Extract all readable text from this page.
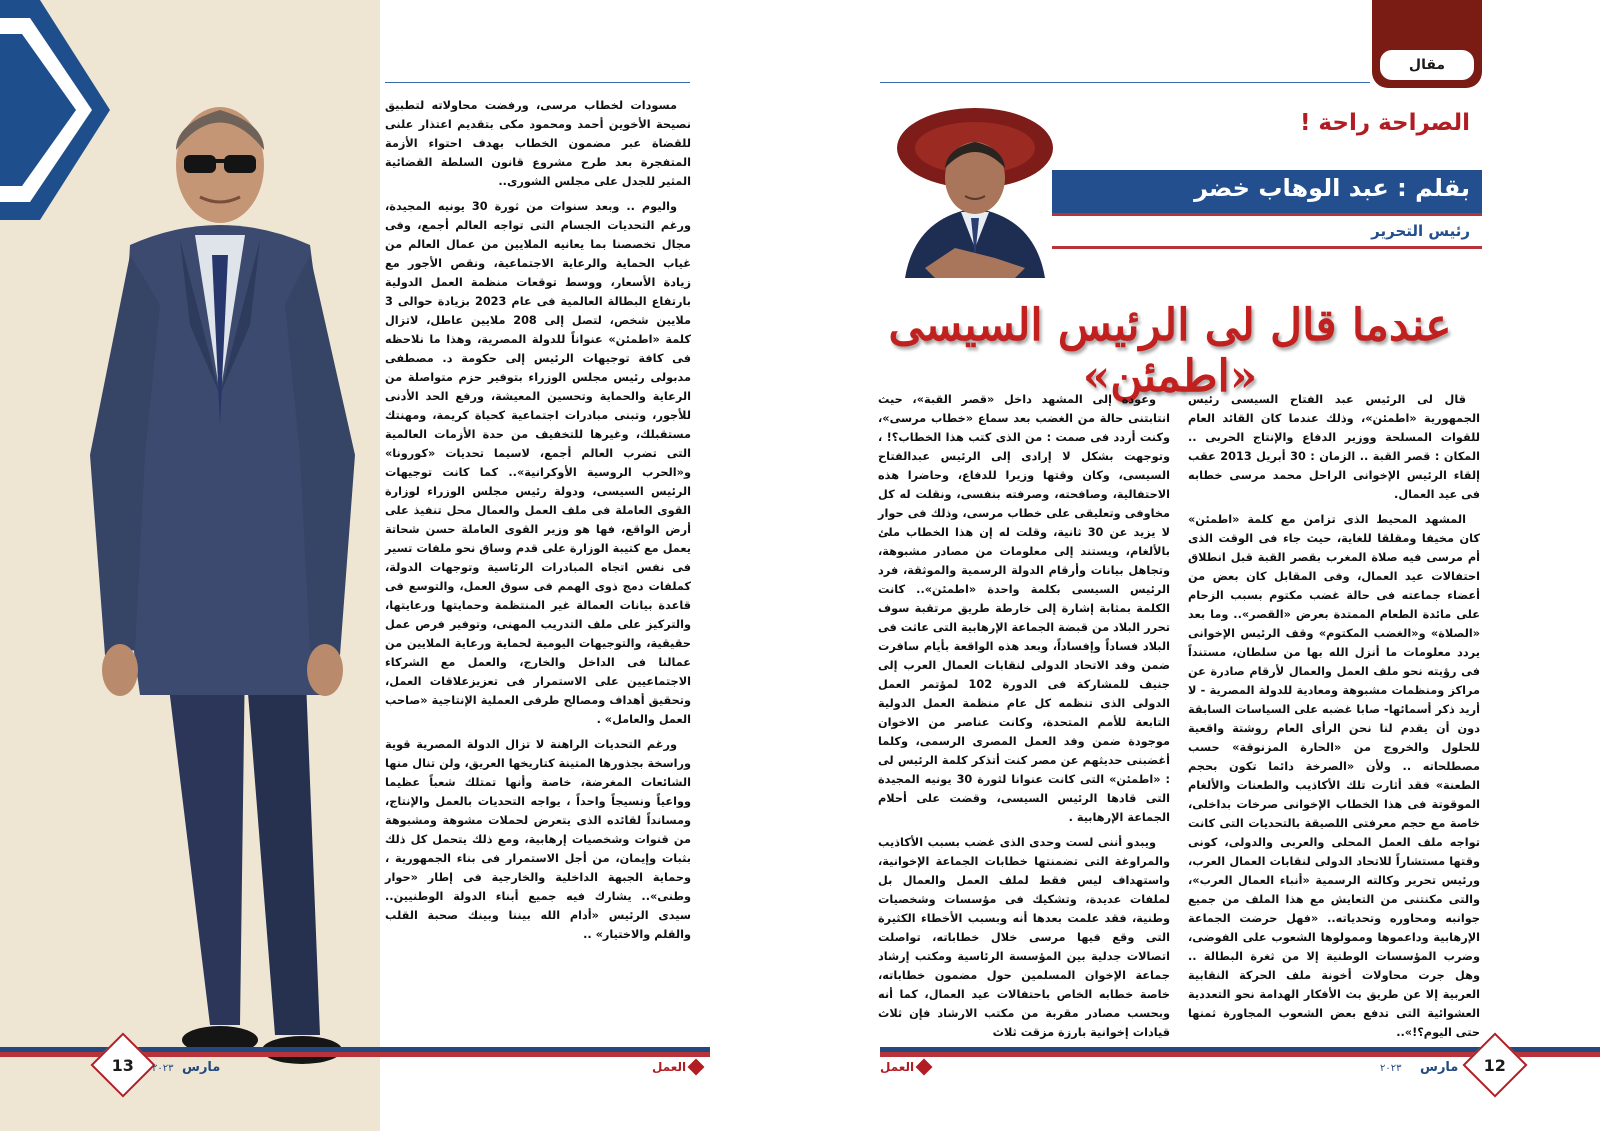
مسودات لخطاب مرسى، ورفضت محاولاته لتطبيق نصيحة الأخوين أحمد ومحمود مكى بتقديم اعتذار علنى للقضاة عبر مضمون الخطاب بهدف احتواء الأزمة المتفجرة بعد طرح مشروع قانون السلطة القضائية المثير للجدل على مجلس الشورى..

واليوم .. وبعد سنوات من ثورة 30 يونيه المجيدة، ورغم التحديات الجسام التى تواجه العالم أجمع، وفى مجال تخصصنا بما يعانيه الملايين من عمال العالم من غياب الحماية والرعاية الاجتماعية، ونقص الأجور مع زيادة الأسعار، ووسط توقعات منظمة العمل الدولية بارتفاع البطالة العالمية فى عام 2023 بزيادة حوالى 3 ملايين شخص، لتصل إلى 208 ملايين عاطل، لاتزال كلمة «اطمئن» عنواناً للدولة المصرية، وهذا ما نلاحظه فى كافة توجيهات الرئيس إلى حكومة د. مصطفى مدبولى رئيس مجلس الوزراء بتوفير حزم متواصلة من الرعاية والحماية وتحسين المعيشة، ورفع الحد الأدنى للأجور، وتبنى مبادرات اجتماعية كحياة كريمة، ومهنتك مستقبلك، وغيرها للتخفيف من حدة الأزمات العالمية التى تضرب العالم أجمع، لاسيما تحديات «كورونا» و«الحرب الروسية الأوكرانية».. كما كانت توجيهات الرئيس السيسى، ودولة رئيس مجلس الوزراء لوزارة القوى العاملة فى ملف العمل والعمال محل تنفيذ على أرض الواقع، فها هو وزير القوى العاملة حسن شحاتة يعمل مع كتيبة الوزارة على قدم وساق نحو ملفات تسير فى نفس اتجاه المبادرات الرئاسية وتوجهات الدولة، كملفات دمج ذوى الهمم فى سوق العمل، والتوسع فى قاعدة بيانات العمالة غير المنتظمة وحمايتها ورعايتها، والتركيز على ملف التدريب المهنى، وتوفير فرص عمل حقيقية، والتوجيهات اليومية لحماية ورعاية الملايين من عمالنا فى الداخل والخارج، والعمل مع الشركاء الاجتماعيين على الاستمرار فى تعزيزعلاقات العمل، وتحقيق أهداف ومصالح طرفى العملية الإنتاجية «صاحب العمل والعامل» .

ورغم التحديات الراهنة لا تزال الدولة المصرية قوية وراسخة بجذورها المتينة كتاريخها العريق، ولن تنال منها الشائعات المغرضة، خاصة وأنها تمتلك شعباً عظيما وواعياً ونسيجاً واحداً ، يواجه التحديات بالعمل والإنتاج، ومسانداً لقائده الذى يتعرض لحملات مشوهة ومشبوهة من قنوات وشخصيات إرهابية، ومع ذلك يتحمل كل ذلك بثبات وإيمان، من أجل الاستمرار فى بناء الجمهورية ، وحماية الجبهة الداخلية والخارجية فى إطار «حوار وطنى».. يشارك فيه جميع أبناء الدولة الوطنيين.. سيدى الرئيس «أدام الله بيننا وبينك صحبة القلب والقلم والاختيار» ..

13	مارس
٢٠٢٣	العمل
مقال
الصراحة راحة !
بقلم : عبد الوهاب خضر
رئيس التحرير
عندما قال لى الرئيس السيسى «اطمئن»

قال لى الرئيس عبد الفتاح السيسى رئيس الجمهورية «اطمئن»، وذلك عندما كان القائد العام للقوات المسلحة ووزير الدفاع والإنتاج الحربى .. المكان : قصر القبة .. الزمان : 30 أبريل 2013 عقب إلقاء الرئيس الإخوانى الراحل محمد مرسى خطابه فى عيد العمال.

المشهد المحيط الذى تزامن مع كلمة «اطمئن» كان مخيفا ومقلقا للغاية، حيث جاء فى الوقت الذى أم مرسى فيه صلاة المغرب بقصر القبة قبل انطلاق احتفالات عيد العمال، وفى المقابل كان بعض من أعضاء جماعته فى حالة غضب مكتوم بسبب الزحام على مائدة الطعام الممتدة بعرض «القصر».. وما بعد «الصلاة» و«الغضب المكتوم» وقف الرئيس الإخوانى يردد معلومات ما أنزل الله بها من سلطان، مستنداً فى رؤيته نحو ملف العمل والعمال لأرقام صادرة عن مراكز ومنظمات مشبوهة ومعادية للدولة المصرية - لا أريد ذكر أسمائها- صابا غضبه على السياسات السابقة دون أن يقدم لنا نحن الرأى العام روشتة واقعية للحلول والخروج من «الحارة المزنوقة» حسب مصطلحاته .. ولأن «الصرخة دائما تكون بحجم الطعنة» فقد أثارت تلك الأكاذيب والطعنات والألغام الموقوتة فى هذا الخطاب الإخوانى صرخات بداخلى، خاصة مع حجم معرفتى اللصيقة بالتحديات التى كانت تواجه ملف العمل المحلى والعربى والدولى، كونى وقتها مستشاراً للاتحاد الدولى لنقابات العمال العرب، ورئيس تحرير وكالته الرسمية «أنباء العمال العرب»، والتى مكنتنى من التعايش مع هذا الملف من جميع جوانبه ومحاوره وتحدياته.. «فهل حرضت الجماعة الإرهابية وداعموها وممولوها الشعوب على الفوضى، وضرب المؤسسات الوطنية إلا من ثغرة البطالة .. وهل جرت محاولات أخونة ملف الحركة النقابية العربية إلا عن طريق بث الأفكار الهدامة نحو التعددية العشوائية التى تدفع بعض الشعوب المجاورة ثمنها حتى اليوم؟!»..

وعودة إلى المشهد داخل «قصر القبة»، حيث انتابتنى حالة من الغضب بعد سماع «خطاب مرسى»، وكنت أردد فى صمت : من الذى كتب هذا الخطاب؟! ، وتوجهت بشكل لا إرادى إلى الرئيس عبدالفتاح السيسى، وكان وقتها وزيرا للدفاع، وحاضرا هذه الاحتفالية، وصافحته، وصرفته بنفسى، ونقلت له كل مخاوفى وتعليقى على خطاب مرسى، وذلك فى حوار لا يزيد عن 30 ثانية، وقلت له إن هذا الخطاب ملئ بالألغام، ويستند إلى معلومات من مصادر مشبوهة، وتجاهل بيانات وأرقام الدولة الرسمية والموثقة، فرد الرئيس السيسى بكلمة واحدة «اطمئن».. كانت الكلمة بمثابة إشارة إلى خارطة طريق مرتقبة سوف تحرر البلاد من قبضة الجماعة الإرهابية التى عاثت فى البلاد فساداً وإفساداً، وبعد هذه الواقعة بأيام سافرت ضمن وفد الاتحاد الدولى لنقابات العمال العرب إلى جنيف للمشاركة فى الدورة 102 لمؤتمر العمل الدولى الذى تنظمه كل عام منظمة العمل الدولية التابعة للأمم المتحدة، وكانت عناصر من الاخوان موجودة ضمن وفد العمل المصرى الرسمى، وكلما أغضبنى حديثهم عن مصر كنت أتذكر كلمة الرئيس لى : «اطمئن» التى كانت عنوانا لثورة 30 يونيه المجيدة التى قادها الرئيس السيسى، وقضت على أحلام الجماعة الإرهابية .

ويبدو أننى لست وحدى الذى غضب بسبب الأكاذيب والمراوغة التى تضمنتها خطابات الجماعة الإخوانية، واستهداف ليس فقط لملف العمل والعمال بل لملفات عديدة، وتشكيك فى مؤسسات وشخصيات وطنية، فقد علمت بعدها أنه وبسبب الأخطاء الكثيرة التى وقع فيها مرسى خلال خطاباته، تواصلت اتصالات جدلية بين المؤسسة الرئاسية ومكتب إرشاد جماعة الإخوان المسلمين حول مضمون خطاباته، خاصة خطابه الخاص باحتفالات عيد العمال، كما أنه وبحسب مصادر مقربة من مكتب الارشاد فإن ثلاث قيادات إخوانية بارزة مزقت ثلاث

العمل	٢٠٢٣ مارس 12
